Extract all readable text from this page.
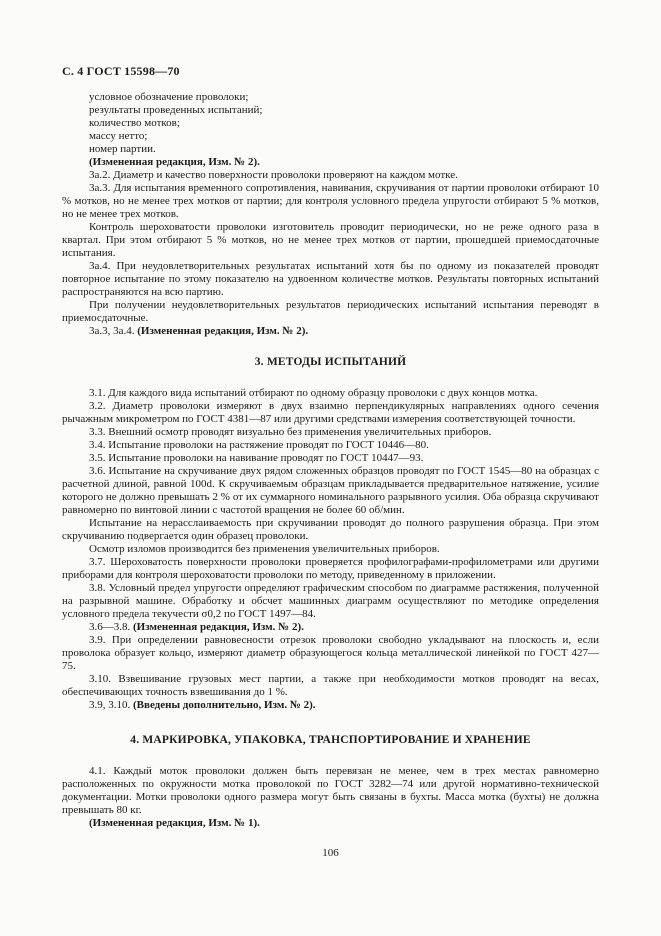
С. 4 ГОСТ 15598—70

условное обозначение проволоки;

результаты проведенных испытаний;

количество мотков;

массу нетто;

номер партии.

(Измененная редакция, Изм. № 2).

3а.2. Диаметр и качество поверхности проволоки проверяют на каждом мотке.

3а.3. Для испытания временного сопротивления, навивания, скручивания от партии проволоки отбирают 10 % мотков, но не менее трех мотков от партии; для контроля условного предела упругости отбирают 5 % мотков, но не менее трех мотков.

Контроль шероховатости проволоки изготовитель проводит периодически, но не реже одного раза в квартал. При этом отбирают 5 % мотков, но не менее трех мотков от партии, прошедшей приемосдаточные испытания.

3а.4. При неудовлетворительных результатах испытаний хотя бы по одному из показателей проводят повторное испытание по этому показателю на удвоенном количестве мотков. Результаты повторных испытаний распространяются на всю партию.

При получении неудовлетворительных результатов периодических испытаний испытания переводят в приемосдаточные.

3а.3, 3а.4. (Измененная редакция, Изм. № 2).

3. МЕТОДЫ ИСПЫТАНИЙ

3.1. Для каждого вида испытаний отбирают по одному образцу проволоки с двух концов мотка.

3.2. Диаметр проволоки измеряют в двух взаимно перпендикулярных направлениях одного сечения рычажным микрометром по ГОСТ 4381—87 или другими средствами измерения соответствующей точности.

3.3. Внешний осмотр проводят визуально без применения увеличительных приборов.

3.4. Испытание проволоки на растяжение проводят по ГОСТ 10446—80.

3.5. Испытание проволоки на навивание проводят по ГОСТ 10447—93.

3.6. Испытание на скручивание двух рядом сложенных образцов проводят по ГОСТ 1545—80 на образцах с расчетной длиной, равной 100d. К скручиваемым образцам прикладывается предварительное натяжение, усилие которого не должно превышать 2 % от их суммарного номинального разрывного усилия. Оба образца скручивают равномерно по винтовой линии с частотой вращения не более 60 об/мин.

Испытание на нерасслаиваемость при скручивании проводят до полного разрушения образца. При этом скручиванию подвергается один образец проволоки.

Осмотр изломов производится без применения увеличительных приборов.

3.7. Шероховатость поверхности проволоки проверяется профилографами-профилометрами или другими приборами для контроля шероховатости проволоки по методу, приведенному в приложении.

3.8. Условный предел упругости определяют графическим способом по диаграмме растяжения, полученной на разрывной машине. Обработку и обсчет машинных диаграмм осуществляют по методике определения условного предела текучести σ0,2 по ГОСТ 1497—84.

3.6—3.8. (Измененная редакция, Изм. № 2).

3.9. При определении равновесности отрезок проволоки свободно укладывают на плоскость и, если проволока образует кольцо, измеряют диаметр образующегося кольца металлической линейкой по ГОСТ 427—75.

3.10. Взвешивание грузовых мест партии, а также при необходимости мотков проводят на весах, обеспечивающих точность взвешивания до 1 %.

3.9, 3.10. (Введены дополнительно, Изм. № 2).

4. МАРКИРОВКА, УПАКОВКА, ТРАНСПОРТИРОВАНИЕ И ХРАНЕНИЕ

4.1. Каждый моток проволоки должен быть перевязан не менее, чем в трех местах равномерно расположенных по окружности мотка проволокой по ГОСТ 3282—74 или другой нормативно-технической документации. Мотки проволоки одного размера могут быть связаны в бухты. Масса мотка (бухты) не должна превышать 80 кг.

(Измененная редакция, Изм. № 1).

106
